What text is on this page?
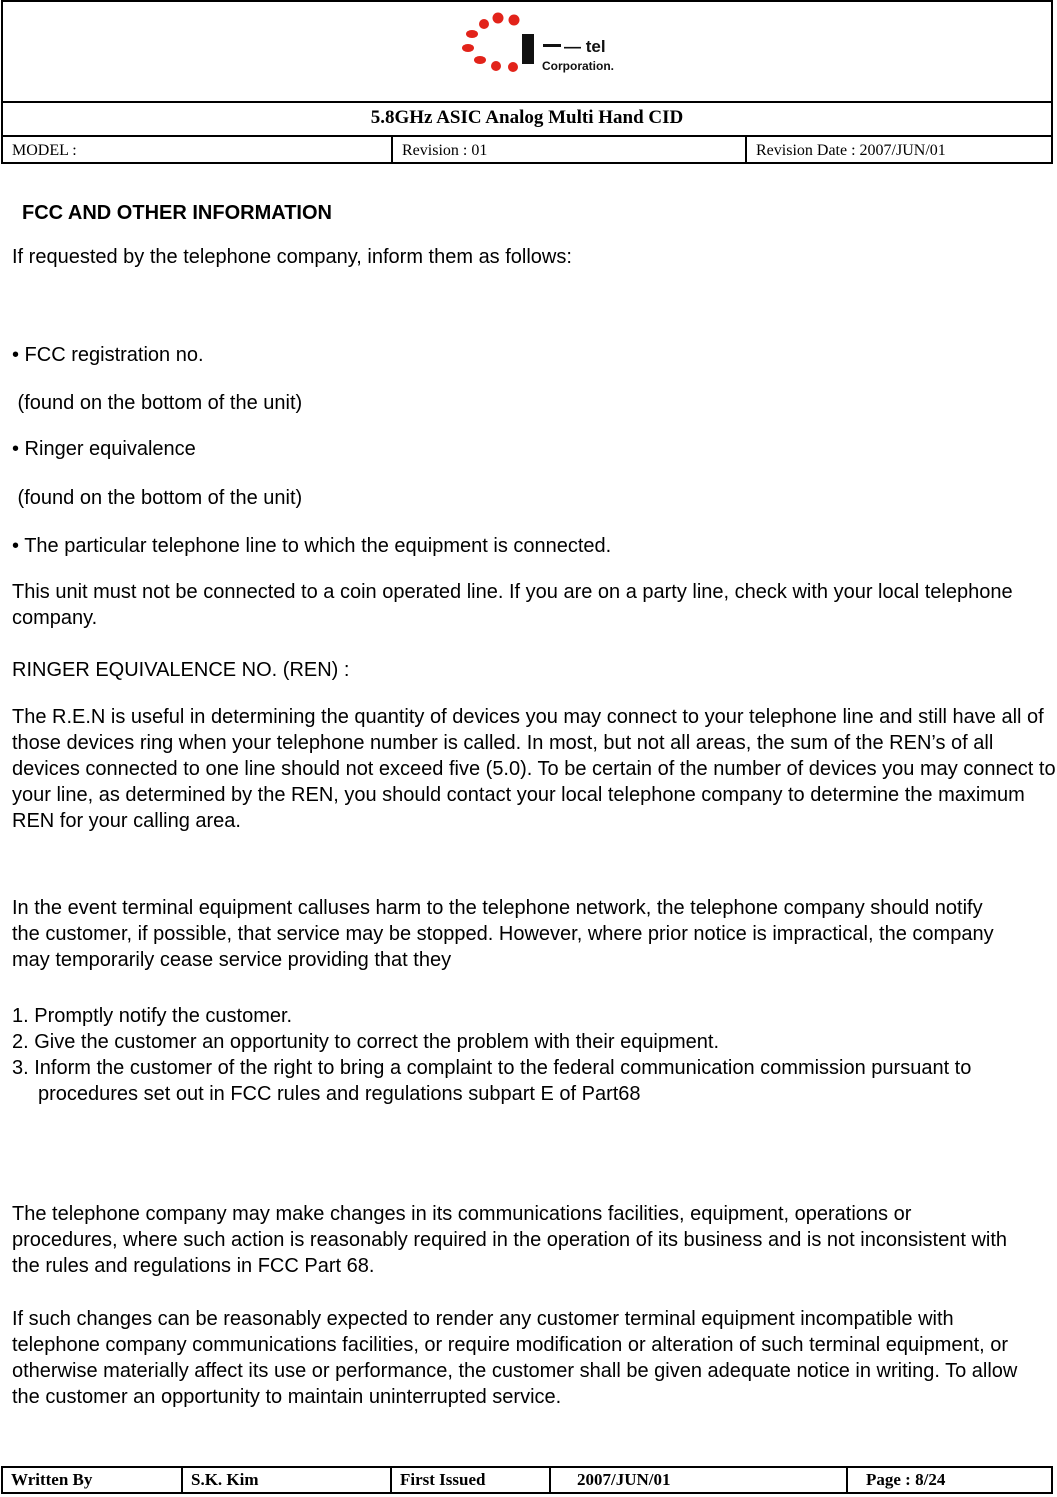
— tel
Corporation.
5.8GHz ASIC Analog Multi Hand CID
MODEL :	Revision : 01	Revision Date : 2007/JUN/01
FCC AND OTHER INFORMATION

If requested by the telephone company, inform them as follows:

• FCC registration no.

(found on the bottom of the unit)

• Ringer equivalence

(found on the bottom of the unit)

• The particular telephone line to which the equipment is connected.

This unit must not be connected to a coin operated line. If you are on a party line, check with your local telephone company.

RINGER EQUIVALENCE NO. (REN) :

The R.E.N is useful in determining the quantity of devices you may connect to your telephone line and still have all of those devices ring when your telephone number is called. In most, but not all areas, the sum of the REN’s of all devices connected to one line should not exceed five (5.0). To be certain of the number of devices you may connect to your line, as determined by the REN, you should contact your local telephone company to determine the maximum REN for your calling area.

In the event terminal equipment calluses harm to the telephone network, the telephone company should notify the customer, if possible, that service may be stopped. However, where prior notice is impractical, the company may temporarily cease service providing that they

1. Promptly notify the customer.

2. Give the customer an opportunity to correct the problem with their equipment.

3. Inform the customer of the right to bring a complaint to the federal communication commission pursuant to procedures set out in FCC rules and regulations subpart E of Part68

The telephone company may make changes in its communications facilities, equipment, operations or procedures, where such action is reasonably required in the operation of its business and is not inconsistent with the rules and regulations in FCC Part 68.

If such changes can be reasonably expected to render any customer terminal equipment incompatible with telephone company communications facilities, or require modification or alteration of such terminal equipment, or otherwise materially affect its use or performance, the customer shall be given adequate notice in writing. To allow the customer an opportunity to maintain uninterrupted service.

Written By	S.K. Kim	First Issued	2007/JUN/01	Page : 8/24
